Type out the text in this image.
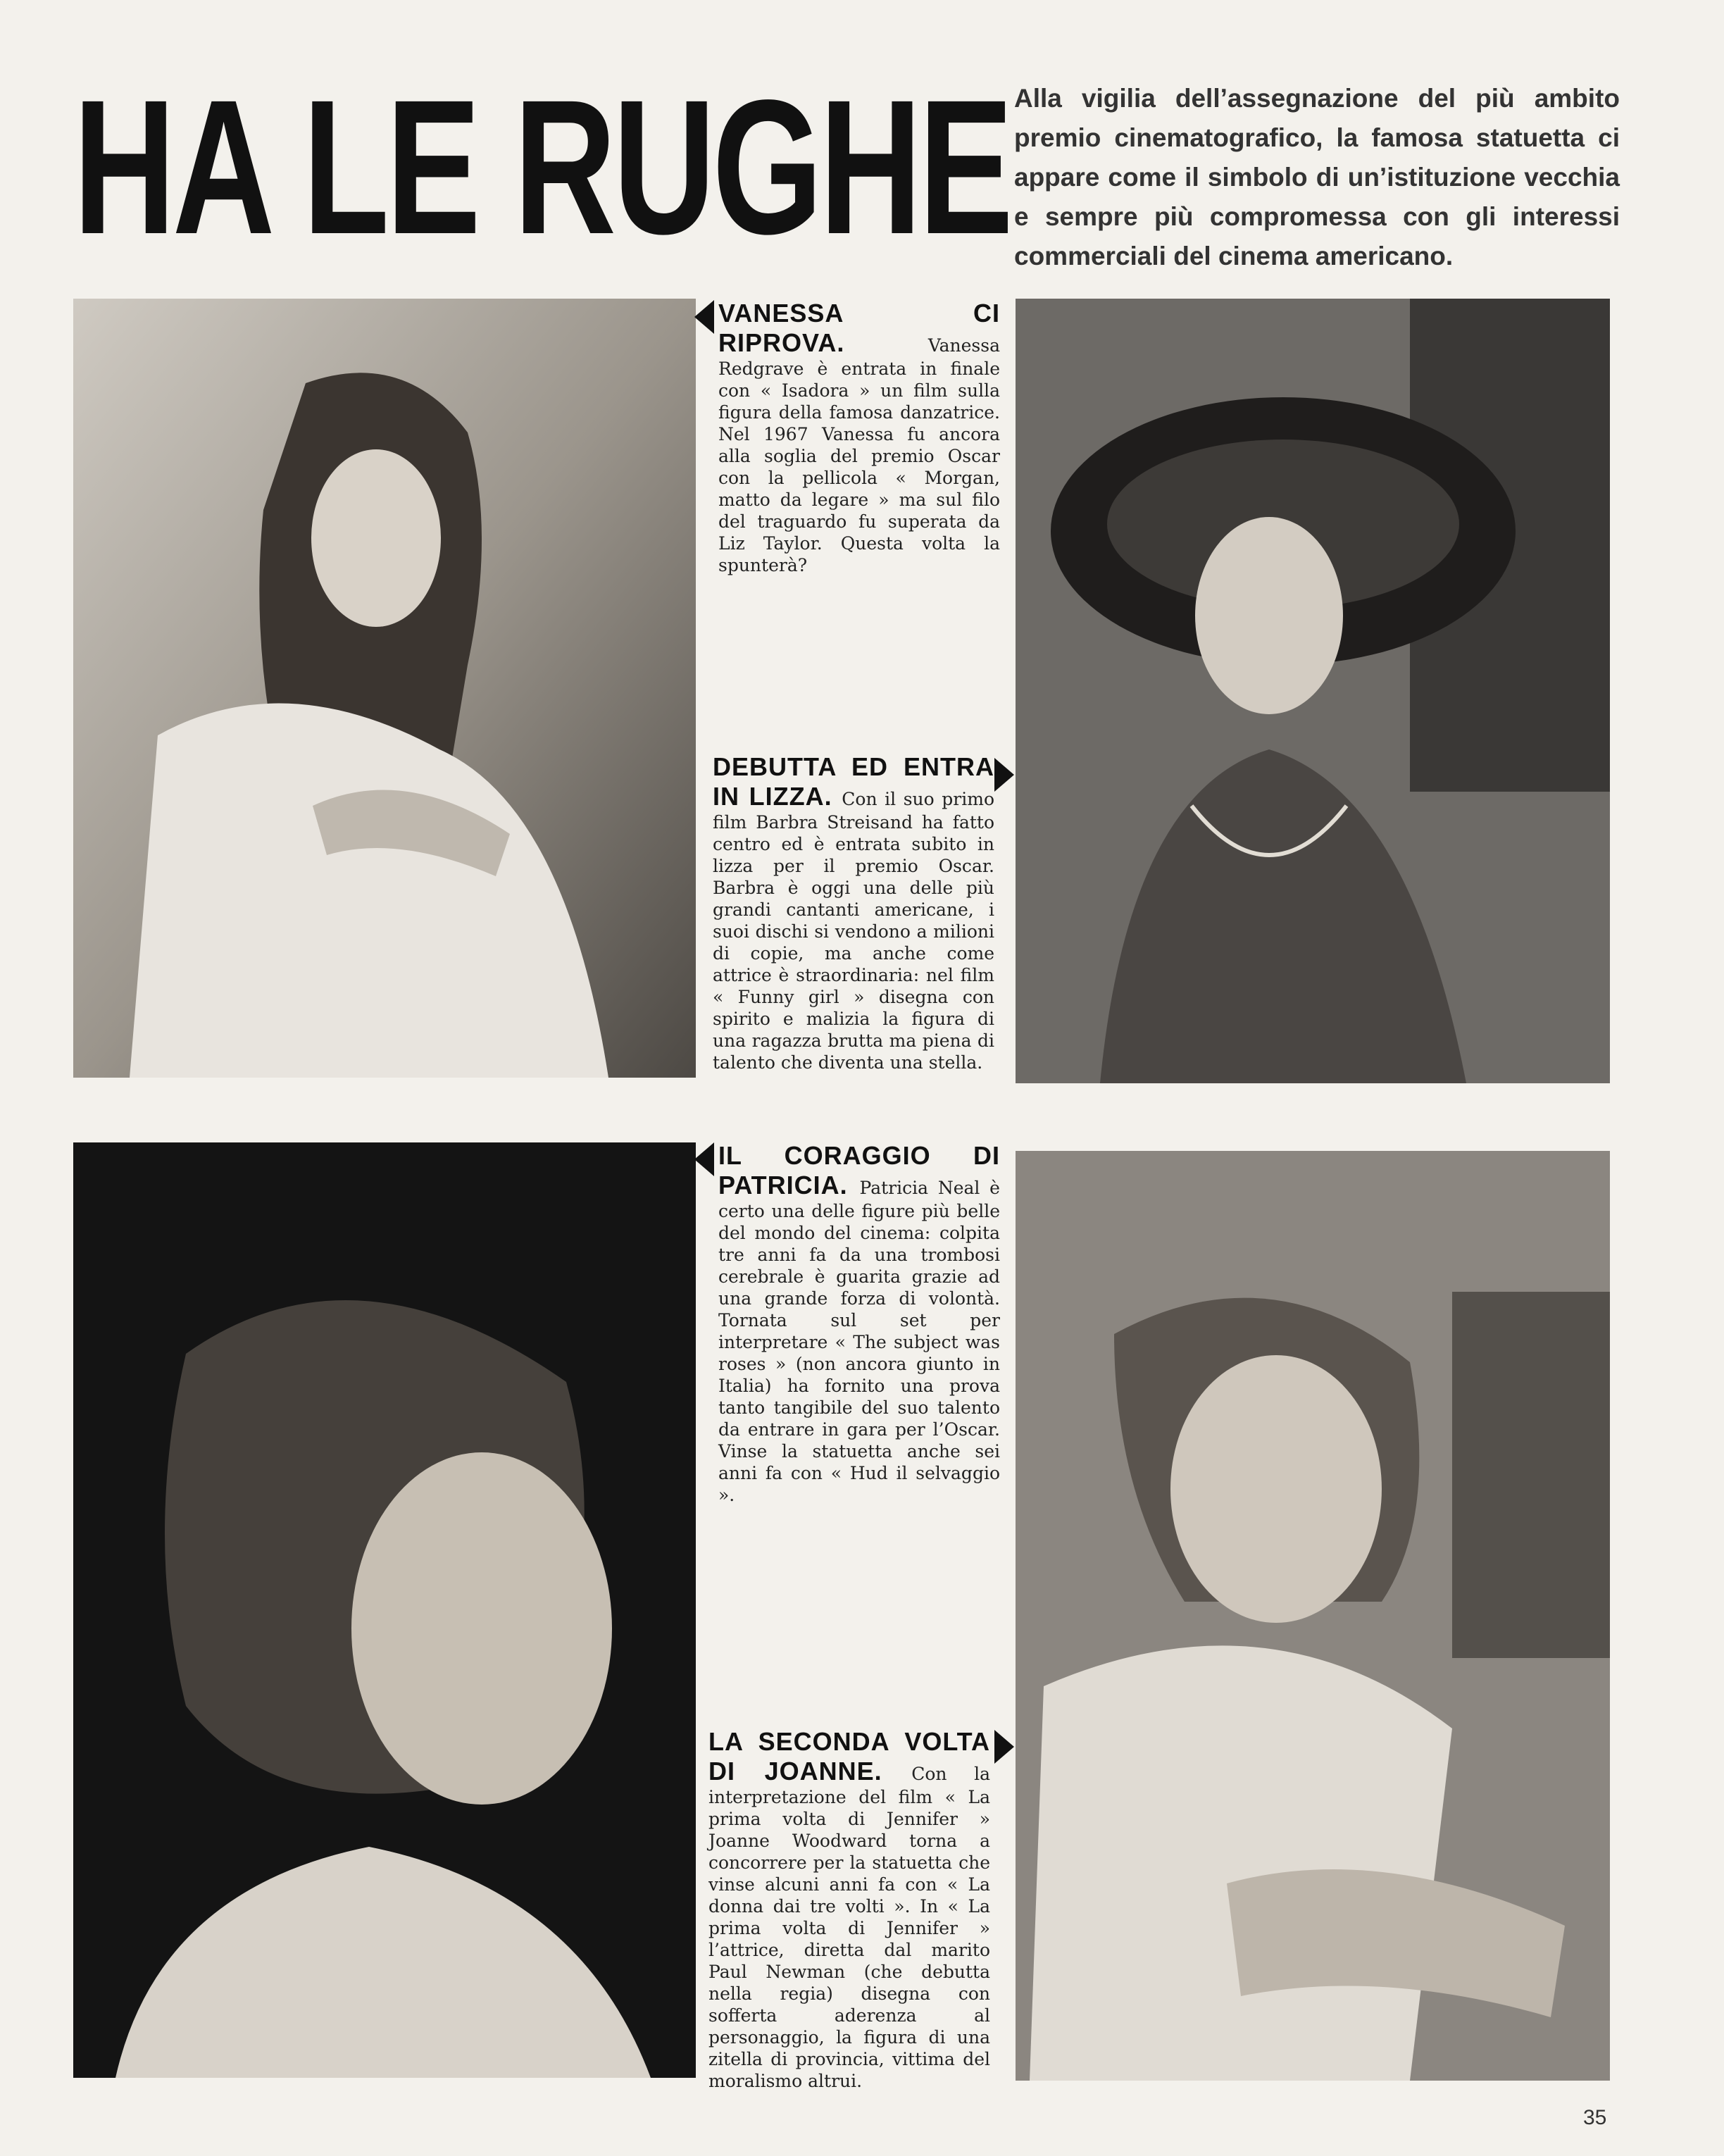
HA LE RUGHE Alla vigilia dell’assegnazione del più ambito premio cinematografico, la famosa statuetta ci appare come il simbolo di un’istituzione vecchia e sempre più compromessa con gli interessi commerciali del cinema americano.

VANESSA CI RIPROVA. Vanessa Redgrave è entrata in finale con « Isadora » un film sulla figura della famosa danzatrice. Nel 1967 Vanessa fu ancora alla soglia del premio Oscar con la pellicola « Morgan, matto da legare » ma sul filo del traguardo fu superata da Liz Taylor. Questa volta la spunterà?
DEBUTTA ED ENTRA IN LIZZA. Con il suo primo film Barbra Streisand ha fatto centro ed è entrata subito in lizza per il premio Oscar. Barbra è oggi una delle più grandi cantanti americane, i suoi dischi si vendono a milioni di copie, ma anche come attrice è straordinaria: nel film « Funny girl » disegna con spirito e malizia la figura di una ragazza brutta ma piena di talento che diventa una stella.
IL CORAGGIO DI PATRICIA. Patricia Neal è certo una delle figure più belle del mondo del cinema: colpita tre anni fa da una trombosi cerebrale è guarita grazie ad una grande forza di volontà. Tornata sul set per interpretare « The subject was roses » (non ancora giunto in Italia) ha fornito una prova tanto tangibile del suo talento da entrare in gara per l’Oscar. Vinse la statuetta anche sei anni fa con « Hud il selvaggio ».
LA SECONDA VOLTA DI JOANNE. Con la interpretazione del film « La prima volta di Jennifer » Joanne Woodward torna a concorrere per la statuetta che vinse alcuni anni fa con « La donna dai tre volti ». In « La prima volta di Jennifer » l’attrice, diretta dal marito Paul Newman (che debutta nella regia) disegna con sofferta aderenza al personaggio, la figura di una zitella di provincia, vittima del moralismo altrui.

35
